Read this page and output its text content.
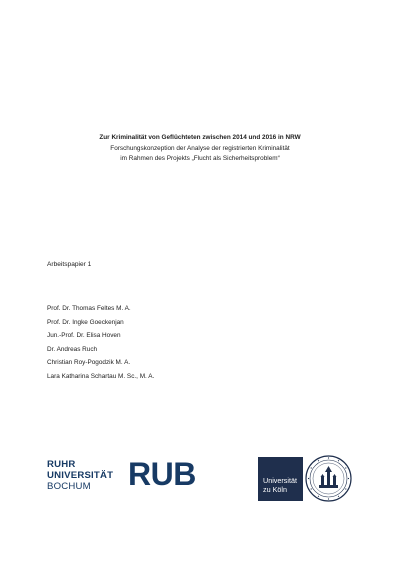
Zur Kriminalität von Geflüchteten zwischen 2014 und 2016 in NRW
Forschungskonzeption der Analyse der registrierten Kriminalität
im Rahmen des Projekts „Flucht als Sicherheitsproblem“
Arbeitspapier 1
Prof. Dr. Thomas Feltes M. A.
Prof. Dr. Ingke Goeckenjan
Jun.-Prof. Dr. Elisa Hoven
Dr. Andreas Ruch
Christian Roy-Pogodzik M. A.
Lara Katharina Schartau M. Sc., M. A.
RUHR
UNIVERSITÄT
BOCHUM	RUB	Universität
zu Köln
